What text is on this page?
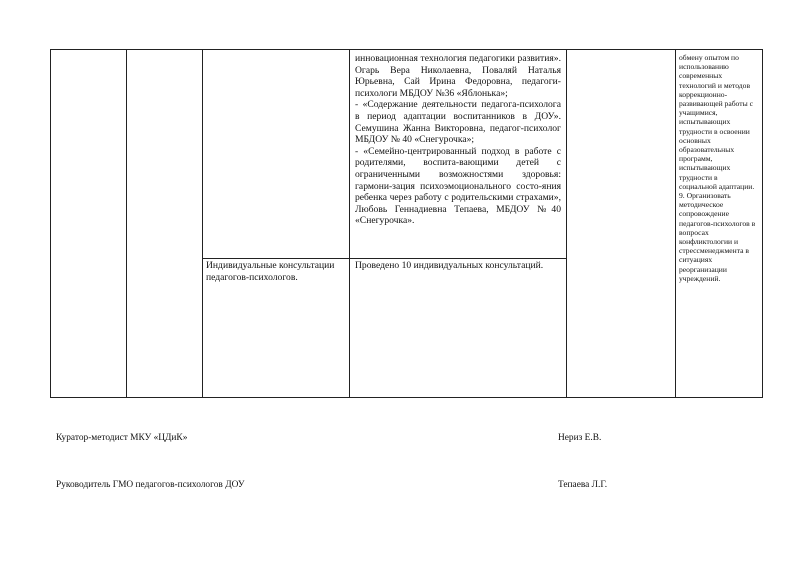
инновационная технология педагогики развития». Огарь Вера Николаевна, Поваляй Наталья Юрьевна, Сай Ирина Федоровна, педагоги-психологи МБДОУ №36 «Яблонька»;

- «Содержание деятельности педагога-психолога в период адаптации воспитанников в ДОУ». Семушина Жанна Викторовна, педагог-психолог МБДОУ № 40 «Снегурочка»;

- «Семейно-центрированный подход в работе с родителями, воспита-вающими детей с ограниченными возможностями здоровья: гармони-зация психоэмоционального состо-яния ребенка через работу с родительскими страхами», Любовь Геннадиевна Тепаева, МБДОУ №40 «Снегурочка».

Индивидуальные консультации педагогов-психологов.
Проведено 10 индивидуальных консультаций.

обмену опытом по использованию современных технологий и методов коррекционно-развивающей работы с учащимися, испытывающих трудности в освоении основных образовательных программ, испытывающих трудности в социальной адаптации.

9. Организовать методическое сопровождение педагогов-психологов в вопросах конфликтологии и стрессменеджмента в ситуациях реорганизации учреждений.

Куратор-методист МКУ «ЦДиК»	Нериз Е.В.
Руководитель ГМО педагогов-психологов ДОУ	Тепаева Л.Г.
